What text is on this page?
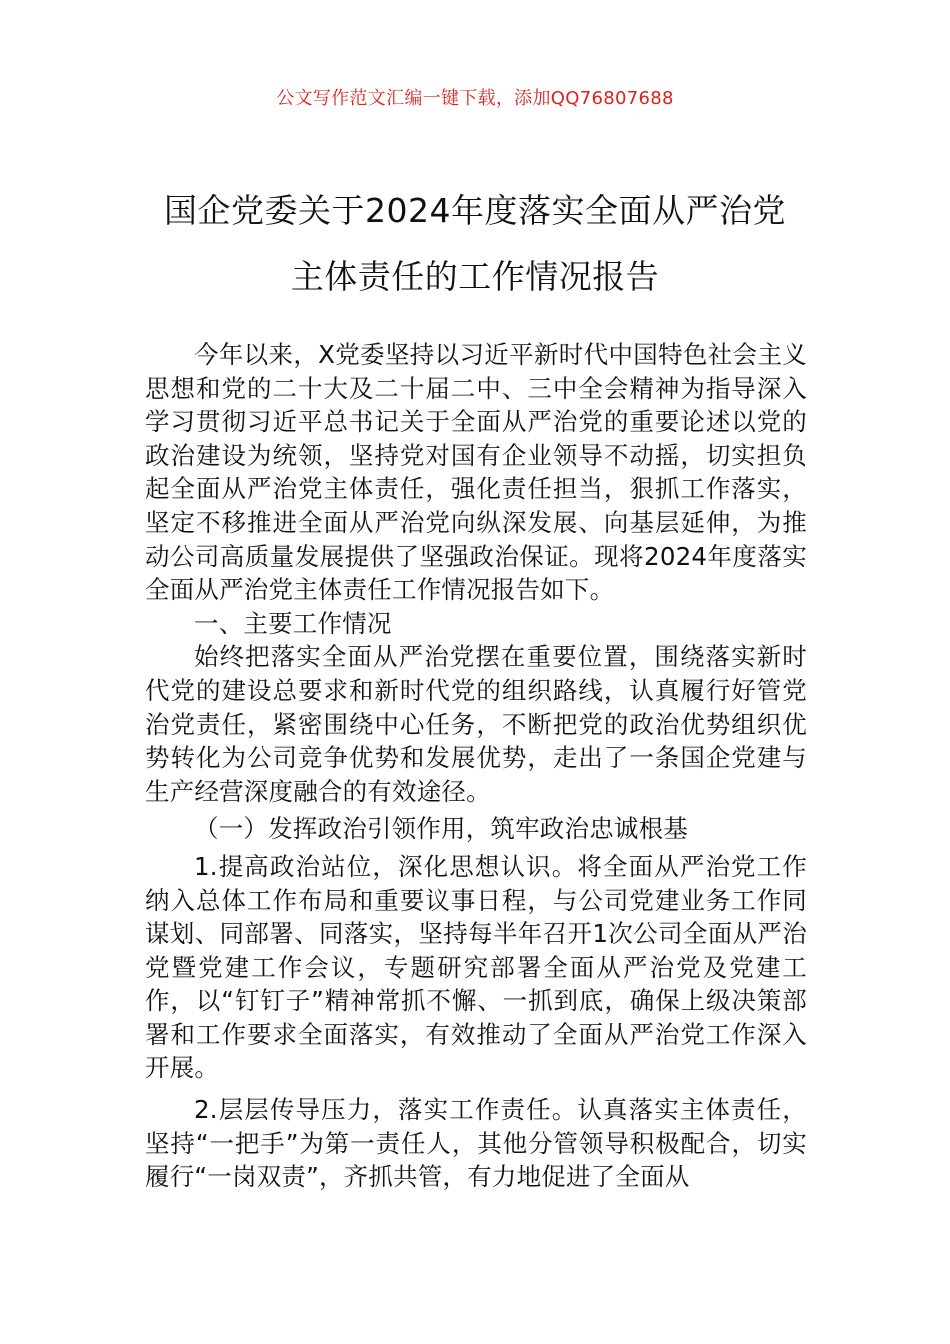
公文写作范文汇编一键下载，添加QQ76807688
国企党委关于2024年度落实全面从严治党
主体责任的工作情况报告

今年以来，X党委坚持以习近平新时代中国特色社会主义思想和党的二十大及二十届二中、三中全会精神为指导深入学习贯彻习近平总书记关于全面从严治党的重要论述以党的政治建设为统领，坚持党对国有企业领导不动摇，切实担负起全面从严治党主体责任，强化责任担当，狠抓工作落实，坚定不移推进全面从严治党向纵深发展、向基层延伸，为推动公司高质量发展提供了坚强政治保证。现将2024年度落实全面从严治党主体责任工作情况报告如下。

一、主要工作情况

始终把落实全面从严治党摆在重要位置，围绕落实新时代党的建设总要求和新时代党的组织路线，认真履行好管党治党责任，紧密围绕中心任务，不断把党的政治优势组织优势转化为公司竞争优势和发展优势，走出了一条国企党建与生产经营深度融合的有效途径。

（一）发挥政治引领作用，筑牢政治忠诚根基

1.提高政治站位，深化思想认识。将全面从严治党工作纳入总体工作布局和重要议事日程，与公司党建业务工作同谋划、同部署、同落实，坚持每半年召开1次公司全面从严治党暨党建工作会议，专题研究部署全面从严治党及党建工作，以“钉钉子”精神常抓不懈、一抓到底，确保上级决策部署和工作要求全面落实，有效推动了全面从严治党工作深入开展。

2.层层传导压力，落实工作责任。认真落实主体责任，坚持“一把手”为第一责任人，其他分管领导积极配合，切实履行“一岗双责”，齐抓共管，有力地促进了全面从
